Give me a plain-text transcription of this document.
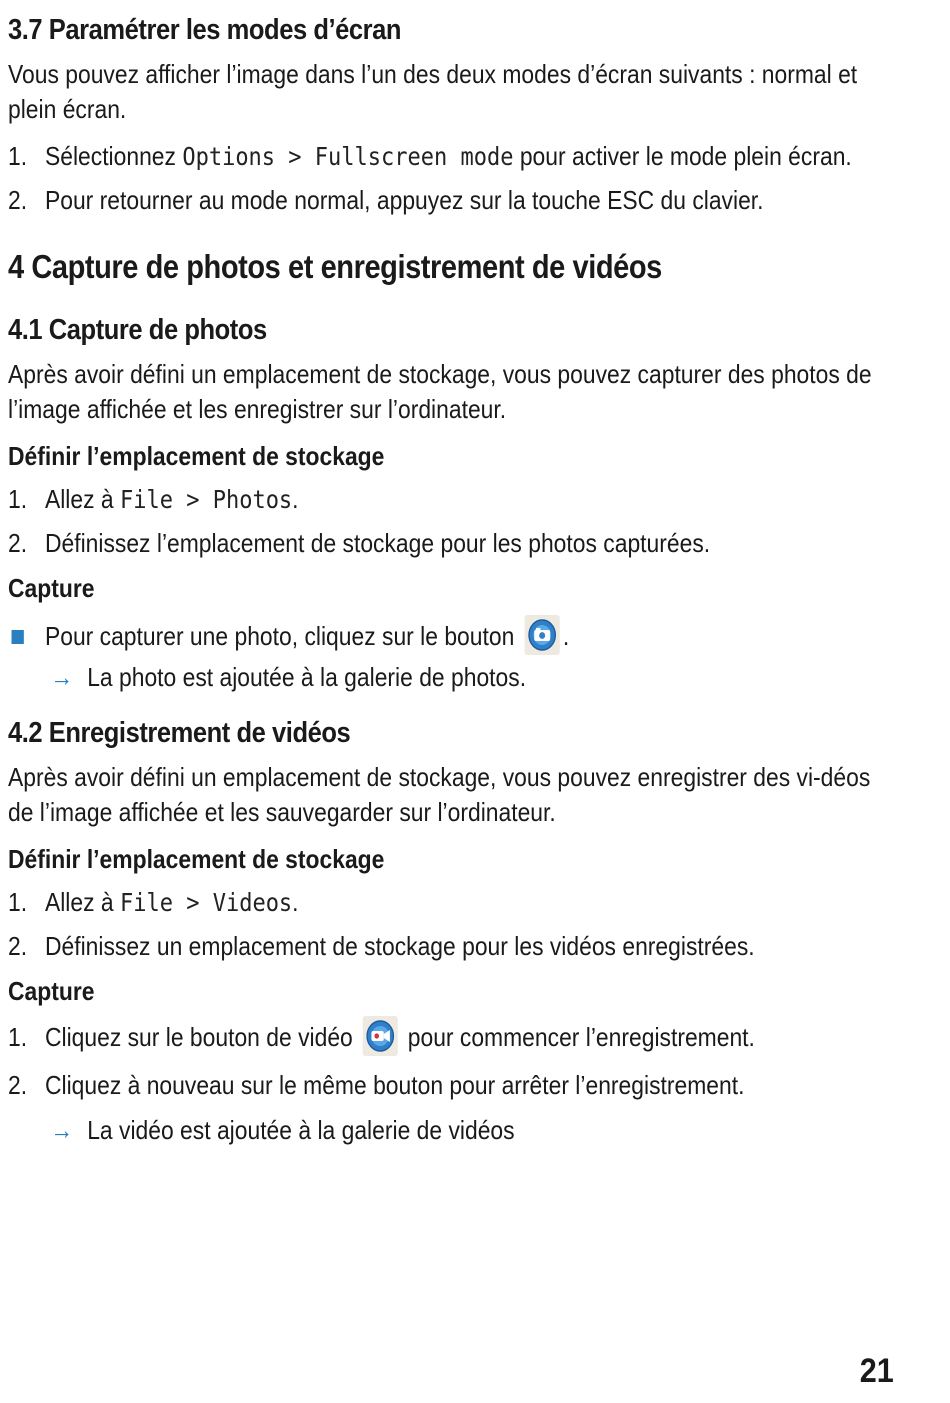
3.7 Paramétrer les modes d’écran

Vous pouvez afficher l’image dans l’un des deux modes d’écran suivants : normal et plein écran.

1. Sélectionnez Options > Fullscreen mode pour activer le mode plein écran.
2. Pour retourner au mode normal, appuyez sur la touche ESC du clavier.
4 Capture de photos et enregistrement de vidéos
4.1 Capture de photos

Après avoir défini un emplacement de stockage, vous pouvez capturer des photos de l’image affichée et les enregistrer sur l’ordinateur.

Définir l’emplacement de stockage
1. Allez à File > Photos.
2. Définissez l’emplacement de stockage pour les photos capturées.
Capture
Pour capturer une photo, cliquez sur le bouton .
→ La photo est ajoutée à la galerie de photos.
4.2 Enregistrement de vidéos

Après avoir défini un emplacement de stockage, vous pouvez enregistrer des vi-déos de l’image affichée et les sauvegarder sur l’ordinateur.

Définir l’emplacement de stockage
1. Allez à File > Videos.
2. Définissez un emplacement de stockage pour les vidéos enregistrées.
Capture
1. Cliquez sur le bouton de vidéo pour commencer l’enregistrement.
2. Cliquez à nouveau sur le même bouton pour arrêter l’enregistrement.
→ La vidéo est ajoutée à la galerie de vidéos
21
